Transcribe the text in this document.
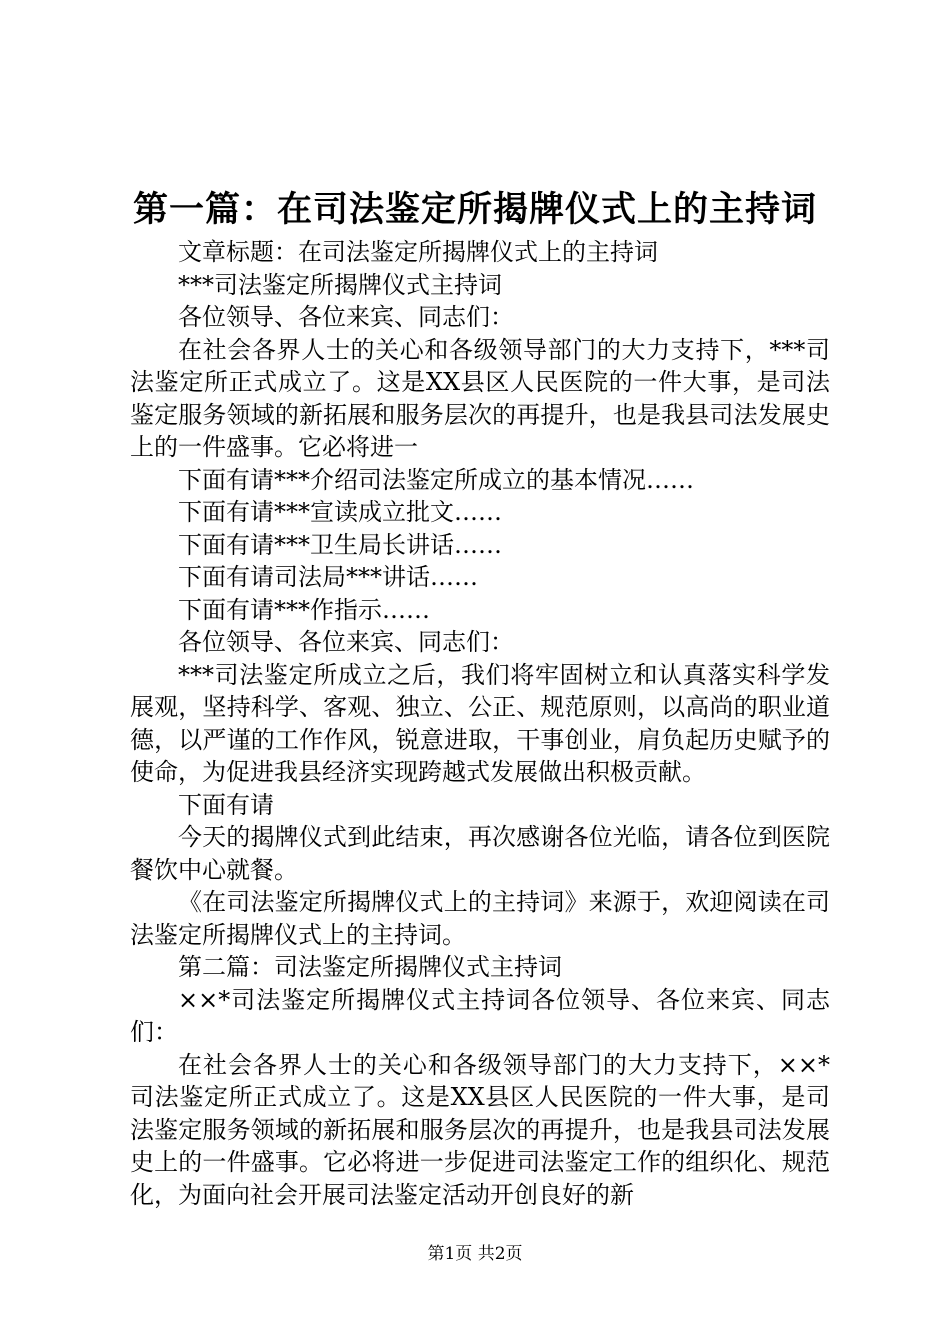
第一篇：在司法鉴定所揭牌仪式上的主持词

文章标题：在司法鉴定所揭牌仪式上的主持词

***司法鉴定所揭牌仪式主持词

各位领导、各位来宾、同志们：

在社会各界人士的关心和各级领导部门的大力支持下，***司法鉴定所正式成立了。这是XX县区人民医院的一件大事，是司法鉴定服务领域的新拓展和服务层次的再提升，也是我县司法发展史上的一件盛事。它必将进一

下面有请***介绍司法鉴定所成立的基本情况……

下面有请***宣读成立批文……

下面有请***卫生局长讲话……

下面有请司法局***讲话……

下面有请***作指示……

各位领导、各位来宾、同志们：

***司法鉴定所成立之后，我们将牢固树立和认真落实科学发展观，坚持科学、客观、独立、公正、规范原则，以高尚的职业道德，以严谨的工作作风，锐意进取，干事创业，肩负起历史赋予的使命，为促进我县经济实现跨越式发展做出积极贡献。

下面有请

今天的揭牌仪式到此结束，再次感谢各位光临，请各位到医院餐饮中心就餐。

《在司法鉴定所揭牌仪式上的主持词》来源于，欢迎阅读在司法鉴定所揭牌仪式上的主持词。

第二篇：司法鉴定所揭牌仪式主持词

××*司法鉴定所揭牌仪式主持词各位领导、各位来宾、同志们：

在社会各界人士的关心和各级领导部门的大力支持下，××*司法鉴定所正式成立了。这是XX县区人民医院的一件大事，是司法鉴定服务领域的新拓展和服务层次的再提升，也是我县司法发展史上的一件盛事。它必将进一步促进司法鉴定工作的组织化、规范化，为面向社会开展司法鉴定活动开创良好的新

第1页 共2页
